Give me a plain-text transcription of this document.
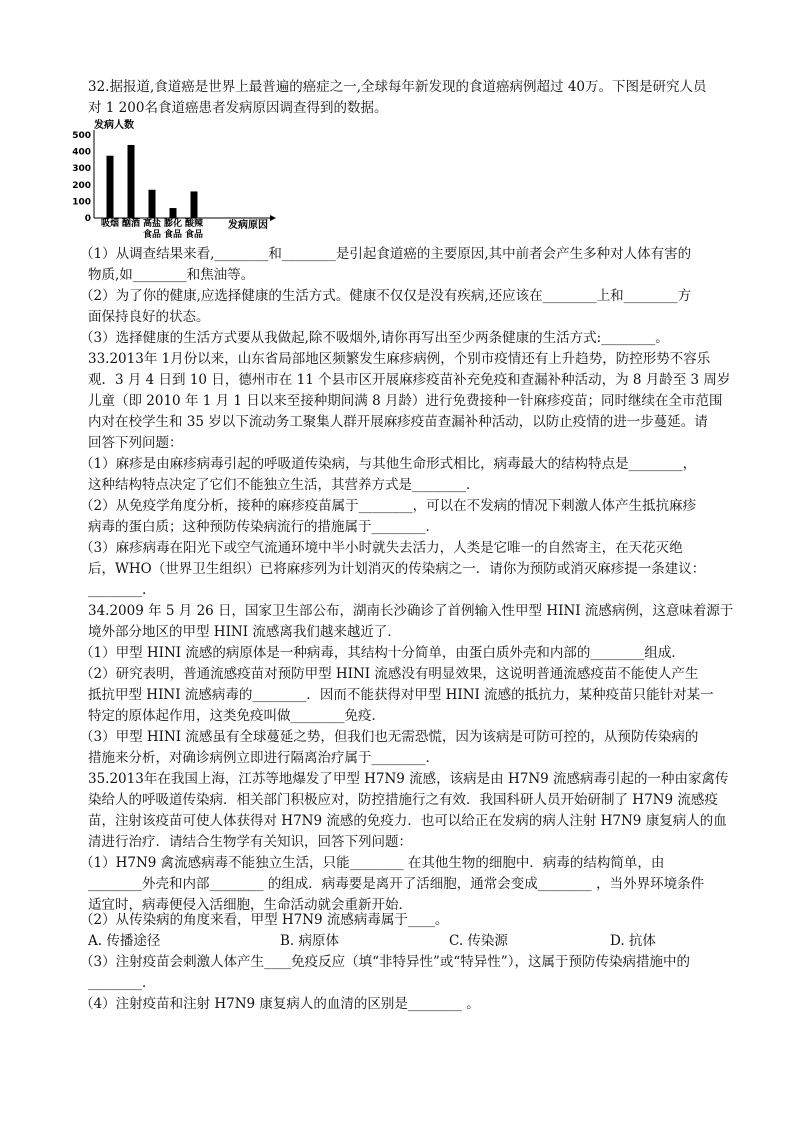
32.据报道,食道癌是世界上最普遍的癌症之一,全球每年新发现的食道癌病例超过 40万。下图是研究人员

对 1 200名食道癌患者发病原因调查得到的数据。

发病人数
500
400
300
200
100
0 吸烟 酗酒 高盐
食品
膨化
食品
酸辣
食品
发病原因

（1）从调查结果来看,________和________是引起食道癌的主要原因,其中前者会产生多种对人体有害的

物质,如________和焦油等。

（2）为了你的健康,应选择健康的生活方式。健康不仅仅是没有疾病,还应该在________上和________方

面保持良好的状态。

（3）选择健康的生活方式要从我做起,除不吸烟外,请你再写出至少两条健康的生活方式:________。

33.2013年 1月份以来，山东省局部地区频繁发生麻疹病例，个别市疫情还有上升趋势，防控形势不容乐

观．3 月 4 日到 10 日，德州市在 11 个县市区开展麻疹疫苗补充免疫和查漏补种活动，为 8 月龄至 3 周岁

儿童（即 2010 年 1 月 1 日以来至接种期间满 8 月龄）进行免费接种一针麻疹疫苗；同时继续在全市范围

内对在校学生和 35 岁以下流动务工聚集人群开展麻疹疫苗查漏补种活动，以防止疫情的进一步蔓延。请

回答下列问题：

（1）麻疹是由麻疹病毒引起的呼吸道传染病，与其他生命形式相比，病毒最大的结构特点是________，

这种结构特点决定了它们不能独立生活，其营养方式是________．

（2）从免疫学角度分析，接种的麻疹疫苗属于________，可以在不发病的情况下刺激人体产生抵抗麻疹

病毒的蛋白质；这种预防传染病流行的措施属于________．

（3）麻疹病毒在阳光下或空气流通环境中半小时就失去活力，人类是它唯一的自然寄主，在天花灭绝

后，WHO（世界卫生组织）已将麻疹列为计划消灭的传染病之一．请你为预防或消灭麻疹提一条建议：

________.

34.2009 年 5 月 26 日，国家卫生部公布，湖南长沙确诊了首例输入性甲型 HINI 流感病例，这意味着源于

境外部分地区的甲型 HINI 流感离我们越来越近了．

（1）甲型 HINI 流感的病原体是一种病毒，其结构十分简单，由蛋白质外壳和内部的________组成．

（2）研究表明，普通流感疫苗对预防甲型 HINI 流感没有明显效果，这说明普通流感疫苗不能使人产生

抵抗甲型 HINI 流感病毒的________．因而不能获得对甲型 HINI 流感的抵抗力，某种疫苗只能针对某一

特定的原体起作用，这类免疫叫做________免疫．

（3）甲型 HINI 流感虽有全球蔓延之势，但我们也无需恐慌，因为该病是可防可控的，从预防传染病的

措施来分析，对确诊病例立即进行隔离治疗属于________．

35.2013年在我国上海，江苏等地爆发了甲型 H7N9 流感，该病是由 H7N9 流感病毒引起的一种由家禽传

染给人的呼吸道传染病．相关部门积极应对，防控措施行之有效．我国科研人员开始研制了 H7N9 流感疫

苗，注射该疫苗可使人体获得对 H7N9 流感的免疫力．也可以给正在发病的病人注射 H7N9 康复病人的血

清进行治疗．请结合生物学有关知识，回答下列问题：

（1）H7N9 禽流感病毒不能独立生活，只能________ 在其他生物的细胞中．病毒的结构简单，由

________外壳和内部________ 的组成．病毒要是离开了活细胞，通常会变成________ ，当外界环境条件

适宜时，病毒便侵入活细胞，生命活动就会重新开始．

（2）从传染病的角度来看，甲型 H7N9 流感病毒属于____。

A. 传播途径	B. 病原体	C. 传染源	D. 抗体

（3）注射疫苗会刺激人体产生____免疫反应（填“非特异性”或“特异性”），这属于预防传染病措施中的

________．

（4）注射疫苗和注射 H7N9 康复病人的血清的区别是________ 。
